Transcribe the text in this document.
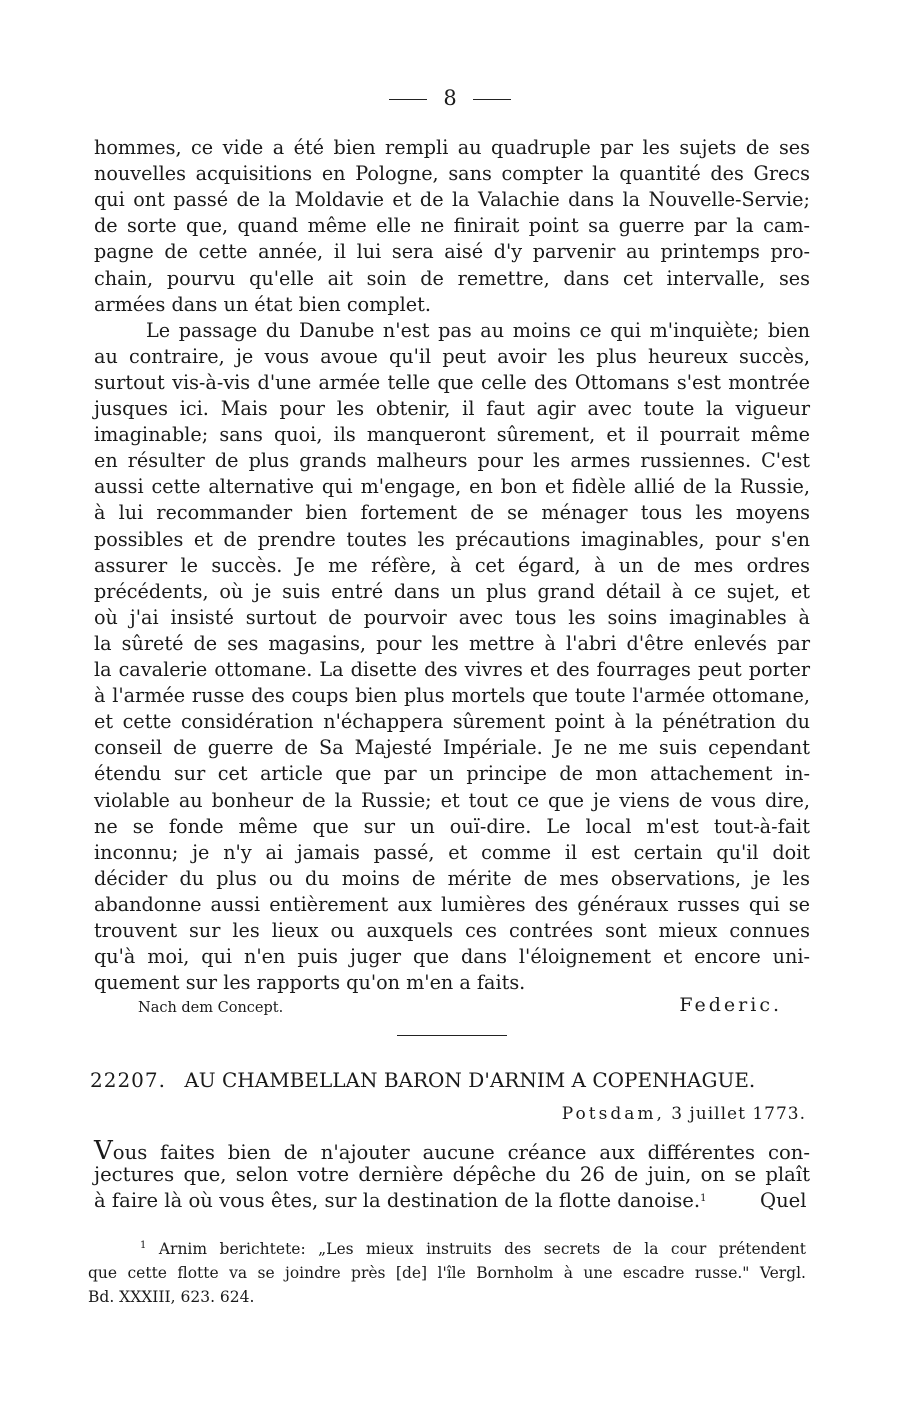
8
hommes, ce vide a été bien rempli au quadruple par les sujets de ses
nouvelles acquisitions en Pologne, sans compter la quantité des Grecs
qui ont passé de la Moldavie et de la Valachie dans la Nouvelle-Servie;
de sorte que, quand même elle ne finirait point sa guerre par la cam-
pagne de cette année, il lui sera aisé d'y parvenir au printemps pro-
chain, pourvu qu'elle ait soin de remettre, dans cet intervalle, ses
armées dans un état bien complet.
Le passage du Danube n'est pas au moins ce qui m'inquiète; bien
au contraire, je vous avoue qu'il peut avoir les plus heureux succès,
surtout vis-à-vis d'une armée telle que celle des Ottomans s'est montrée
jusques ici. Mais pour les obtenir, il faut agir avec toute la vigueur
imaginable; sans quoi, ils manqueront sûrement, et il pourrait même
en résulter de plus grands malheurs pour les armes russiennes. C'est
aussi cette alternative qui m'engage, en bon et fidèle allié de la Russie,
à lui recommander bien fortement de se ménager tous les moyens
possibles et de prendre toutes les précautions imaginables, pour s'en
assurer le succès. Je me réfère, à cet égard, à un de mes ordres
précédents, où je suis entré dans un plus grand détail à ce sujet, et
où j'ai insisté surtout de pourvoir avec tous les soins imaginables à
la sûreté de ses magasins, pour les mettre à l'abri d'être enlevés par
la cavalerie ottomane. La disette des vivres et des fourrages peut porter
à l'armée russe des coups bien plus mortels que toute l'armée ottomane,
et cette considération n'échappera sûrement point à la pénétration du
conseil de guerre de Sa Majesté Impériale. Je ne me suis cependant
étendu sur cet article que par un principe de mon attachement in-
violable au bonheur de la Russie; et tout ce que je viens de vous dire,
ne se fonde même que sur un ouï-dire. Le local m'est tout-à-fait
inconnu; je n'y ai jamais passé, et comme il est certain qu'il doit
décider du plus ou du moins de mérite de mes observations, je les
abandonne aussi entièrement aux lumières des généraux russes qui se
trouvent sur les lieux ou auxquels ces contrées sont mieux connues
qu'à moi, qui n'en puis juger que dans l'éloignement et encore uni-
quement sur les rapports qu'on m'en a faits.
Nach dem Concept.	Federic.
22207. AU CHAMBELLAN BARON D'ARNIM A COPENHAGUE.
Potsdam, 3 juillet 1773.
Vous faites bien de n'ajouter aucune créance aux différentes con-
jectures que, selon votre dernière dépêche du 26 de juin, on se plaît
à faire là où vous êtes, sur la destination de la flotte danoise.$^1$	Quel
$^1$ Arnim berichtete: „Les mieux instruits des secrets de la cour prétendent
que cette flotte va se joindre près [de] l'île Bornholm à une escadre russe." Vergl.
Bd. XXXIII, 623. 624.
